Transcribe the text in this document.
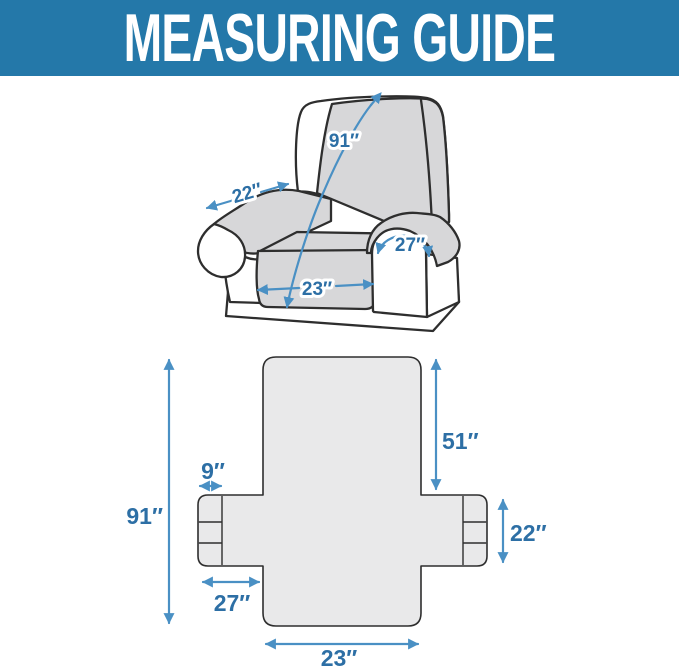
MEASURING GUIDE
91″
22″
27″
23″
91″
51″
9″
22″
27″
23″
